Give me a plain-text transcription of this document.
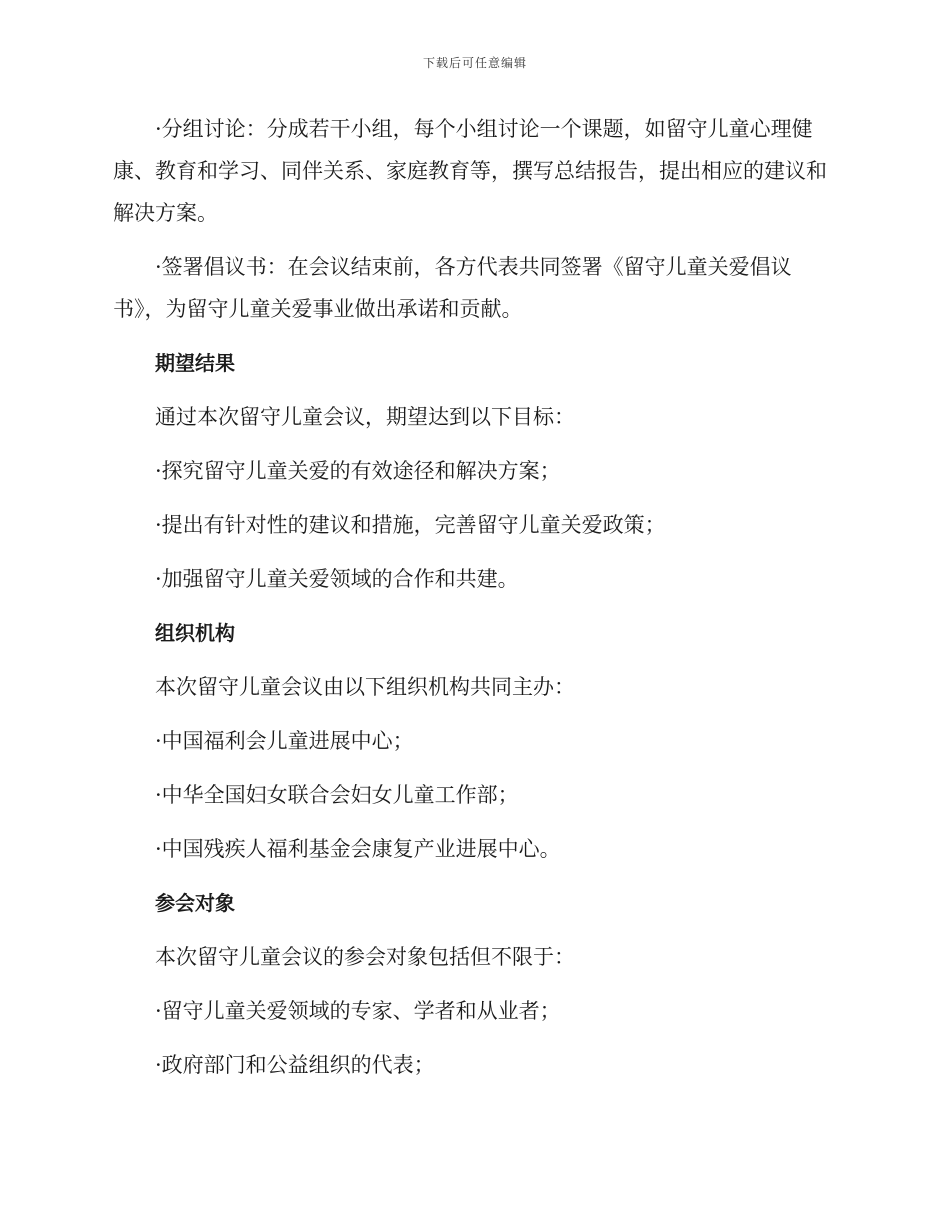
下载后可任意编辑

·分组讨论：分成若干小组，每个小组讨论一个课题，如留守儿童心理健康、教育和学习、同伴关系、家庭教育等，撰写总结报告，提出相应的建议和解决方案。

·签署倡议书：在会议结束前，各方代表共同签署《留守儿童关爱倡议书》，为留守儿童关爱事业做出承诺和贡献。

期望结果

通过本次留守儿童会议，期望达到以下目标：

·探究留守儿童关爱的有效途径和解决方案；

·提出有针对性的建议和措施，完善留守儿童关爱政策；

·加强留守儿童关爱领域的合作和共建。

组织机构

本次留守儿童会议由以下组织机构共同主办：

·中国福利会儿童进展中心；

·中华全国妇女联合会妇女儿童工作部；

·中国残疾人福利基金会康复产业进展中心。

参会对象

本次留守儿童会议的参会对象包括但不限于：

·留守儿童关爱领域的专家、学者和从业者；

·政府部门和公益组织的代表；
